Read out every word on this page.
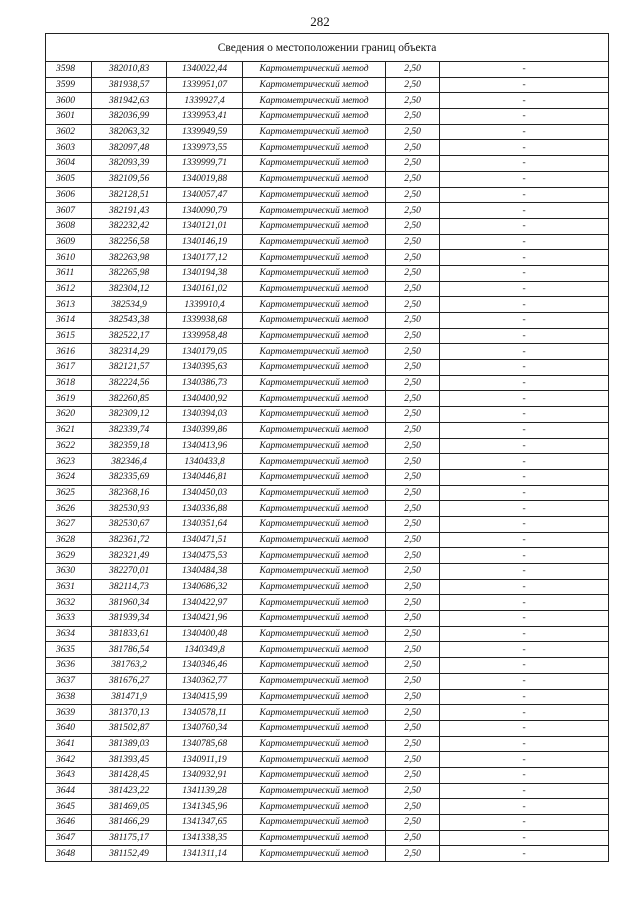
282
Сведения о местоположении границ объекта					
3598	382010,83	1340022,44	Картометрический метод	2,50	-
3599	381938,57	1339951,07	Картометрический метод	2,50	-
3600	381942,63	1339927,4	Картометрический метод	2,50	-
3601	382036,99	1339953,41	Картометрический метод	2,50	-
3602	382063,32	1339949,59	Картометрический метод	2,50	-
3603	382097,48	1339973,55	Картометрический метод	2,50	-
3604	382093,39	1339999,71	Картометрический метод	2,50	-
3605	382109,56	1340019,88	Картометрический метод	2,50	-
3606	382128,51	1340057,47	Картометрический метод	2,50	-
3607	382191,43	1340090,79	Картометрический метод	2,50	-
3608	382232,42	1340121,01	Картометрический метод	2,50	-
3609	382256,58	1340146,19	Картометрический метод	2,50	-
3610	382263,98	1340177,12	Картометрический метод	2,50	-
3611	382265,98	1340194,38	Картометрический метод	2,50	-
3612	382304,12	1340161,02	Картометрический метод	2,50	-
3613	382534,9	1339910,4	Картометрический метод	2,50	-
3614	382543,38	1339938,68	Картометрический метод	2,50	-
3615	382522,17	1339958,48	Картометрический метод	2,50	-
3616	382314,29	1340179,05	Картометрический метод	2,50	-
3617	382121,57	1340395,63	Картометрический метод	2,50	-
3618	382224,56	1340386,73	Картометрический метод	2,50	-
3619	382260,85	1340400,92	Картометрический метод	2,50	-
3620	382309,12	1340394,03	Картометрический метод	2,50	-
3621	382339,74	1340399,86	Картометрический метод	2,50	-
3622	382359,18	1340413,96	Картометрический метод	2,50	-
3623	382346,4	1340433,8	Картометрический метод	2,50	-
3624	382335,69	1340446,81	Картометрический метод	2,50	-
3625	382368,16	1340450,03	Картометрический метод	2,50	-
3626	382530,93	1340336,88	Картометрический метод	2,50	-
3627	382530,67	1340351,64	Картометрический метод	2,50	-
3628	382361,72	1340471,51	Картометрический метод	2,50	-
3629	382321,49	1340475,53	Картометрический метод	2,50	-
3630	382270,01	1340484,38	Картометрический метод	2,50	-
3631	382114,73	1340686,32	Картометрический метод	2,50	-
3632	381960,34	1340422,97	Картометрический метод	2,50	-
3633	381939,34	1340421,96	Картометрический метод	2,50	-
3634	381833,61	1340400,48	Картометрический метод	2,50	-
3635	381786,54	1340349,8	Картометрический метод	2,50	-
3636	381763,2	1340346,46	Картометрический метод	2,50	-
3637	381676,27	1340362,77	Картометрический метод	2,50	-
3638	381471,9	1340415,99	Картометрический метод	2,50	-
3639	381370,13	1340578,11	Картометрический метод	2,50	-
3640	381502,87	1340760,34	Картометрический метод	2,50	-
3641	381389,03	1340785,68	Картометрический метод	2,50	-
3642	381393,45	1340911,19	Картометрический метод	2,50	-
3643	381428,45	1340932,91	Картометрический метод	2,50	-
3644	381423,22	1341139,28	Картометрический метод	2,50	-
3645	381469,05	1341345,96	Картометрический метод	2,50	-
3646	381466,29	1341347,65	Картометрический метод	2,50	-
3647	381175,17	1341338,35	Картометрический метод	2,50	-
3648	381152,49	1341311,14	Картометрический метод	2,50	-
